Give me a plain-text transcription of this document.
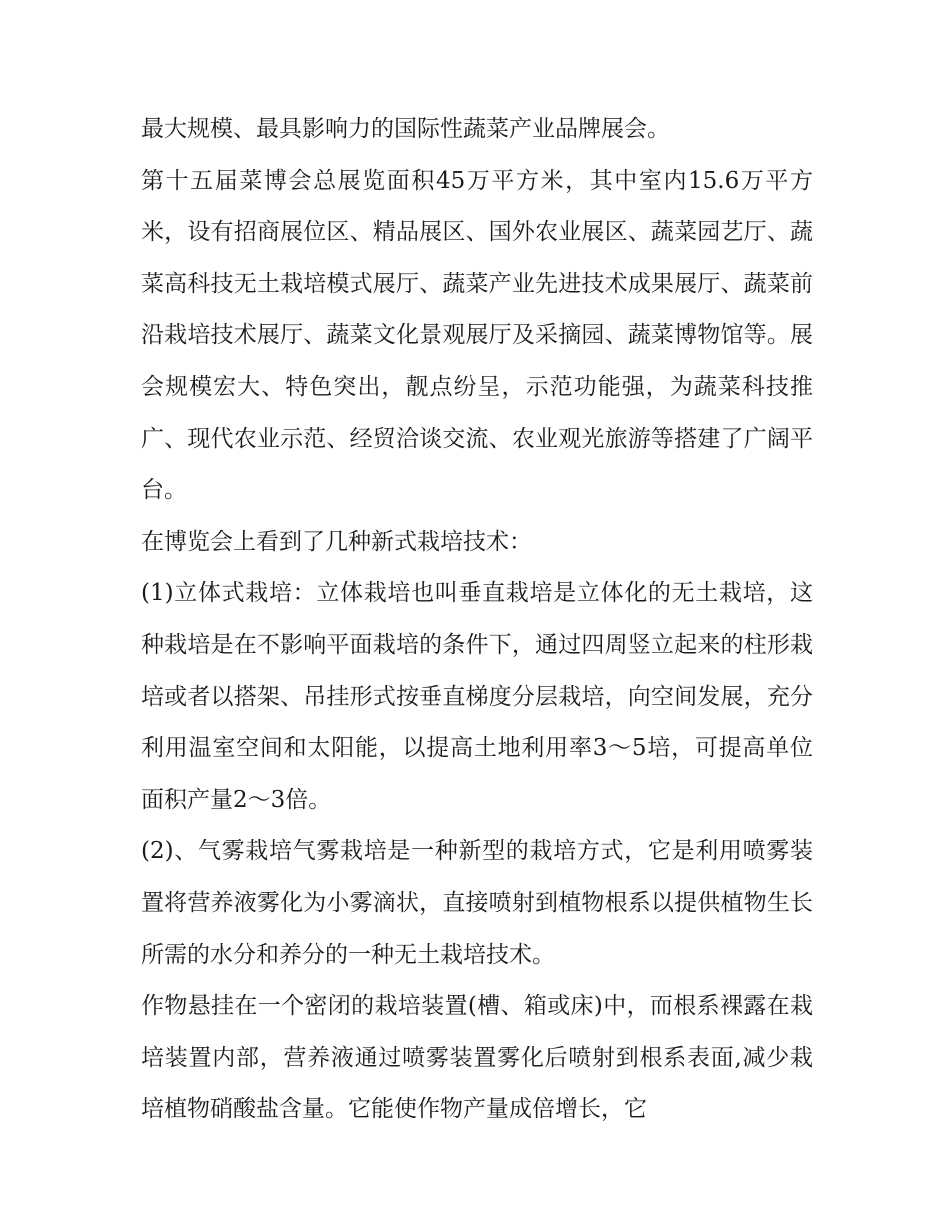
最大规模、最具影响力的国际性蔬菜产业品牌展会。

第十五届菜博会总展览面积45万平方米，其中室内15.6万平方米，设有招商展位区、精品展区、国外农业展区、蔬菜园艺厅、蔬菜高科技无土栽培模式展厅、蔬菜产业先进技术成果展厅、蔬菜前沿栽培技术展厅、蔬菜文化景观展厅及采摘园、蔬菜博物馆等。展会规模宏大、特色突出，靓点纷呈，示范功能强，为蔬菜科技推广、现代农业示范、经贸洽谈交流、农业观光旅游等搭建了广阔平台。

在博览会上看到了几种新式栽培技术：

(1)立体式栽培：立体栽培也叫垂直栽培是立体化的无土栽培，这种栽培是在不影响平面栽培的条件下，通过四周竖立起来的柱形栽培或者以搭架、吊挂形式按垂直梯度分层栽培，向空间发展，充分利用温室空间和太阳能，以提高土地利用率3～5培，可提高单位面积产量2～3倍。

(2)、气雾栽培气雾栽培是一种新型的栽培方式，它是利用喷雾装置将营养液雾化为小雾滴状，直接喷射到植物根系以提供植物生长所需的水分和养分的一种无土栽培技术。

作物悬挂在一个密闭的栽培装置(槽、箱或床)中，而根系裸露在栽培装置内部，营养液通过喷雾装置雾化后喷射到根系表面,减少栽培植物硝酸盐含量。它能使作物产量成倍增长，它
